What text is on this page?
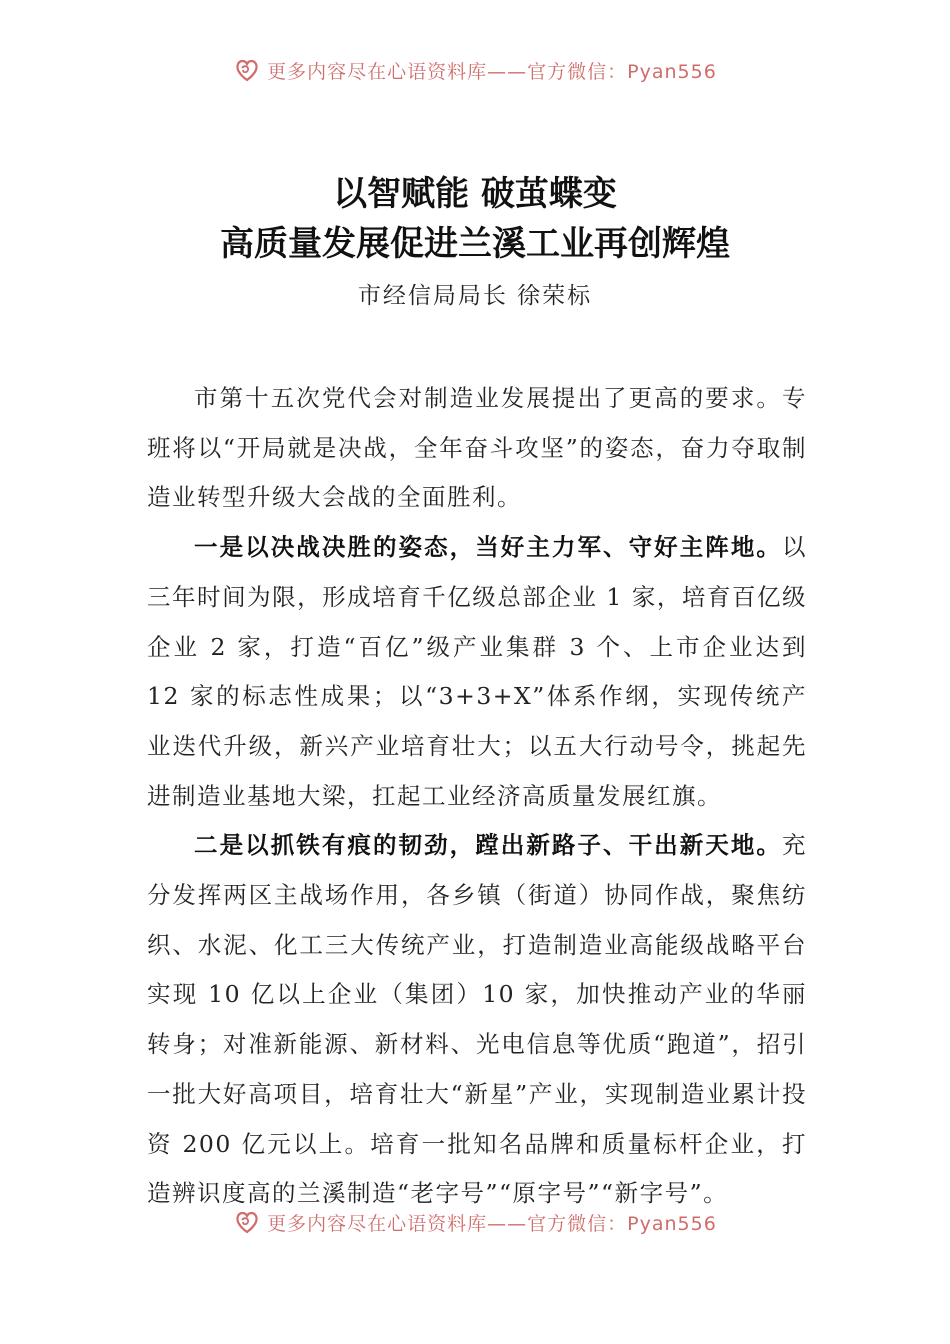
更多内容尽在心语资料库——官方微信：Pyan556
以智赋能 破茧蝶变
高质量发展促进兰溪工业再创辉煌
市经信局局长 徐荣标

市第十五次党代会对制造业发展提出了更高的要求。专班将以“开局就是决战，全年奋斗攻坚”的姿态，奋力夺取制造业转型升级大会战的全面胜利。

一是以决战决胜的姿态，当好主力军、守好主阵地。以三年时间为限，形成培育千亿级总部企业 1 家，培育百亿级企业 2 家，打造“百亿”级产业集群 3 个、上市企业达到 12 家的标志性成果；以“3+3+X”体系作纲，实现传统产业迭代升级，新兴产业培育壮大；以五大行动号令，挑起先进制造业基地大梁，扛起工业经济高质量发展红旗。

二是以抓铁有痕的韧劲，蹚出新路子、干出新天地。充分发挥两区主战场作用，各乡镇（街道）协同作战，聚焦纺织、水泥、化工三大传统产业，打造制造业高能级战略平台实现 10 亿以上企业（集团）10 家，加快推动产业的华丽转身；对准新能源、新材料、光电信息等优质“跑道”，招引一批大好高项目，培育壮大“新星”产业，实现制造业累计投资 200 亿元以上。培育一批知名品牌和质量标杆企业，打造辨识度高的兰溪制造“老字号”“原字号”“新字号”。

更多内容尽在心语资料库——官方微信：Pyan556
